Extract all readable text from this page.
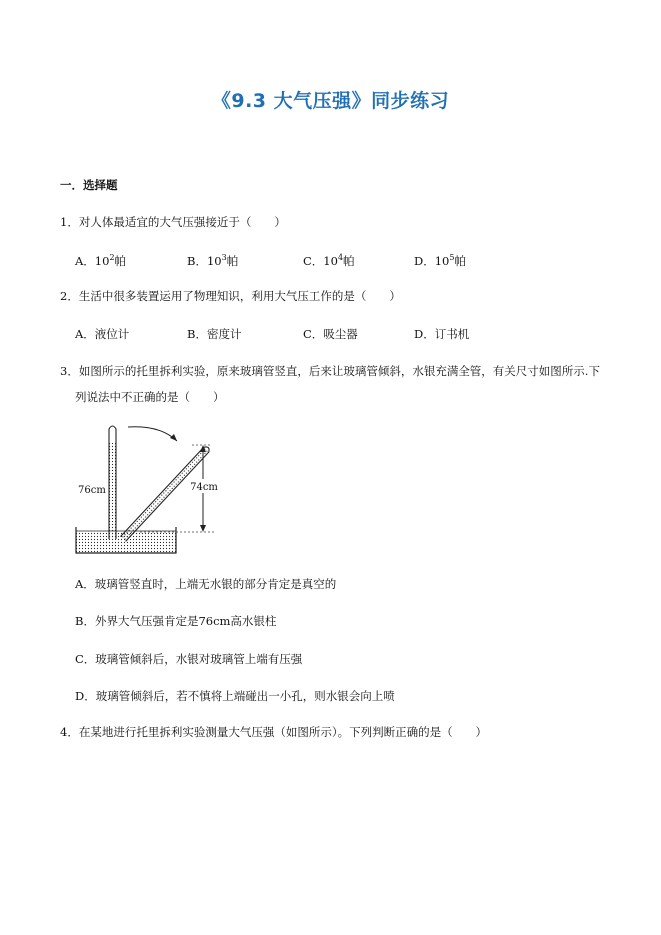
《9.3 大气压强》同步练习
一．选择题
1．对人体最适宜的大气压强接近于（　　）
A．$10^2$帕	B．$10^3$帕	C．$10^4$帕	D．$10^5$帕
2．生活中很多装置运用了物理知识，利用大气压工作的是（　　）
A．液位计	B．密度计	C．吸尘器	D．订书机
3．如图所示的托里拆利实验，原来玻璃管竖直，后来让玻璃管倾斜，水银充满全管，有关尺寸如图所示.下
列说法中不正确的是（　　）
74cm
76cm
A．玻璃管竖直时，上端无水银的部分肯定是真空的
B．外界大气压强肯定是76cm高水银柱
C．玻璃管倾斜后，水银对玻璃管上端有压强
D．玻璃管倾斜后，若不慎将上端碰出一小孔，则水银会向上喷
4．在某地进行托里拆利实验测量大气压强（如图所示）。下列判断正确的是（　　）
